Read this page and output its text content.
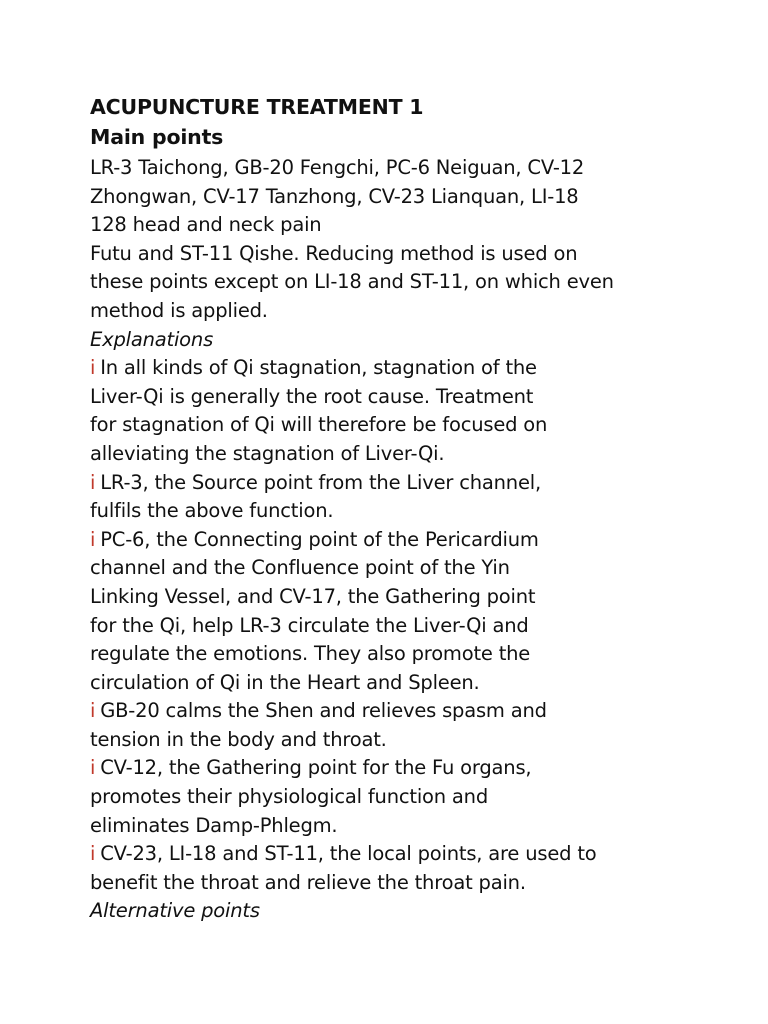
ACUPUNCTURE TREATMENT 1
Main points
LR-3 Taichong, GB-20 Fengchi, PC-6 Neiguan, CV-12
Zhongwan, CV-17 Tanzhong, CV-23 Lianquan, LI-18
128 head and neck pain
Futu and ST-11 Qishe. Reducing method is used on
these points except on LI-18 and ST-11, on which even
method is applied.
Explanations
i In all kinds of Qi stagnation, stagnation of the
Liver-Qi is generally the root cause. Treatment
for stagnation of Qi will therefore be focused on
alleviating the stagnation of Liver-Qi.
i LR-3, the Source point from the Liver channel,
fulfils the above function.
i PC-6, the Connecting point of the Pericardium
channel and the Confluence point of the Yin
Linking Vessel, and CV-17, the Gathering point
for the Qi, help LR-3 circulate the Liver-Qi and
regulate the emotions. They also promote the
circulation of Qi in the Heart and Spleen.
i GB-20 calms the Shen and relieves spasm and
tension in the body and throat.
i CV-12, the Gathering point for the Fu organs,
promotes their physiological function and
eliminates Damp-Phlegm.
i CV-23, LI-18 and ST-11, the local points, are used to
benefit the throat and relieve the throat pain.
Alternative points
